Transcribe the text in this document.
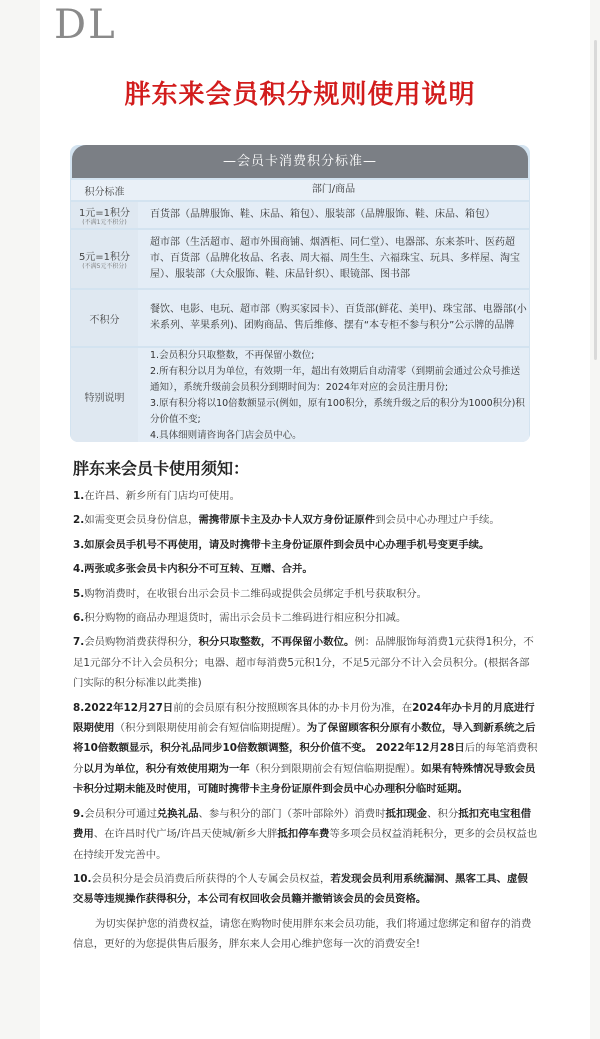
DL
胖东来会员积分规则使用说明
—会员卡消费积分标准—
积分标准	部门/商品
1元=1积分
(不满1元不积分)	百货部（品牌服饰、鞋、床品、箱包）、服装部（品牌服饰、鞋、床品、箱包）
5元=1积分
(不满5元不积分)	超市部（生活超市、超市外围商铺、烟酒柜、同仁堂）、电器部、东来茶叶、医药超市、百货部（品牌化妆品、名表、周大福、周生生、六福珠宝、玩具、多样屋、淘宝屋）、服装部（大众服饰、鞋、床品针织）、眼镜部、图书部
不积分	餐饮、电影、电玩、超市部（购买家园卡）、百货部(鲜花、美甲)、珠宝部、电器部(小米系列、苹果系列)、团购商品、售后维修、摆有“本专柜不参与积分”公示牌的品牌
特别说明	1.会员积分只取整数，不再保留小数位;
2.所有积分以月为单位，有效期一年，超出有效期后自动清零（到期前会通过公众号推送通知），系统升级前会员积分到期时间为：2024年对应的会员注册月份;
3.原有积分将以10倍数额显示(例如，原有100积分，系统升级之后的积分为1000积分)积分价值不变;
4.具体细则请咨询各门店会员中心。
胖东来会员卡使用须知：
1.在许昌、新乡所有门店均可使用。
2.如需变更会员身份信息，需携带原卡主及办卡人双方身份证原件到会员中心办理过户手续。
3.如原会员手机号不再使用，请及时携带卡主身份证原件到会员中心办理手机号变更手续。
4.两张或多张会员卡内积分不可互转、互赠、合并。
5.购物消费时，在收银台出示会员卡二维码或提供会员绑定手机号获取积分。
6.积分购物的商品办理退货时，需出示会员卡二维码进行相应积分扣减。
7.会员购物消费获得积分，积分只取整数，不再保留小数位。例：品牌服饰每消费1元获得1积分，不足1元部分不计入会员积分；电器、超市每消费5元积1分，不足5元部分不计入会员积分。(根据各部门实际的积分标准以此类推)
8.2022年12月27日前的会员原有积分按照顾客具体的办卡月份为准，在2024年办卡月的月底进行限期使用（积分到限期使用前会有短信临期提醒）。为了保留顾客积分原有小数位，导入到新系统之后将10倍数额显示，积分礼品同步10倍数额调整，积分价值不变。 2022年12月28日后的每笔消费积分以月为单位，积分有效使用期为一年（积分到限期前会有短信临期提醒）。如果有特殊情况导致会员卡积分过期未能及时使用，可随时携带卡主身份证原件到会员中心办理积分临时延期。
9.会员积分可通过兑换礼品、参与积分的部门（茶叶部除外）消费时抵扣现金、积分抵扣充电宝租借费用、在许昌时代广场/许昌天使城/新乡大胖抵扣停车费等多项会员权益消耗积分，更多的会员权益也在持续开发完善中。
10.会员积分是会员消费后所获得的个人专属会员权益，若发现会员利用系统漏洞、黑客工具、虚假交易等违规操作获得积分，本公司有权回收会员籍并撤销该会员的会员资格。
为切实保护您的消费权益，请您在购物时使用胖东来会员功能，我们将通过您绑定和留存的消费信息，更好的为您提供售后服务，胖东来人会用心维护您每一次的消费安全!
